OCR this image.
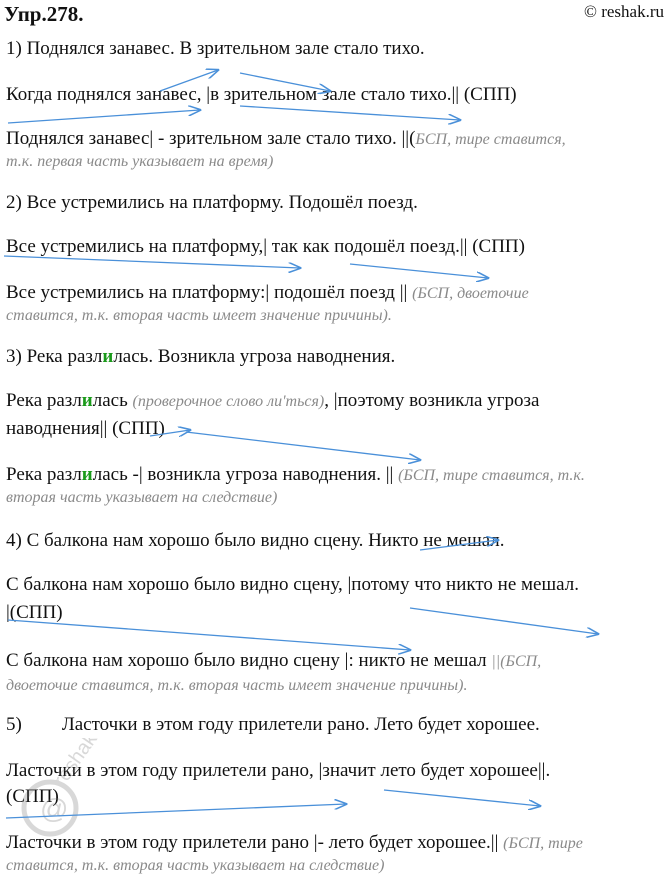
Упр.278.	© reshak.ru
1) Поднялся занавес. В зрительном зале стало тихо.
Когда поднялся занавес, |в зрительном зале стало тихо.|| (СПП)
Поднялся занавес| - зрительном зале стало тихо. ||(БСП, тире ставится,
т.к. первая часть указывает на время)
2) Все устремились на платформу. Подошёл поезд.
Все устремились на платформу,| так как подошёл поезд.|| (СПП)
Все устремились на платформу:| подошёл поезд || (БСП, двоеточие
ставится, т.к. вторая часть имеет значение причины).
3) Река разлилась. Возникла угроза наводнения.
Река разлилась (проверочное слово ли'ться), |поэтому возникла угроза
наводнения|| (СПП)
Река разлилась -| возникла угроза наводнения. || (БСП, тире ставится, т.к.
вторая часть указывает на следствие)
4) С балкона нам хорошо было видно сцену. Никто не мешал.
С балкона нам хорошо было видно сцену, |потому что никто не мешал.
|(СПП)
С балкона нам хорошо было видно сцену |: никто не мешал ||(БСП,
двоеточие ставится, т.к. вторая часть имеет значение причины).
5) Ласточки в этом году прилетели рано. Лето будет хорошее.
Ласточки в этом году прилетели рано, |значит лето будет хорошее||.
(СПП)
Ласточки в этом году прилетели рано |- лето будет хорошее.|| (БСП, тире
ставится, т.к. вторая часть указывает на следствие)
@
reshak.ru
